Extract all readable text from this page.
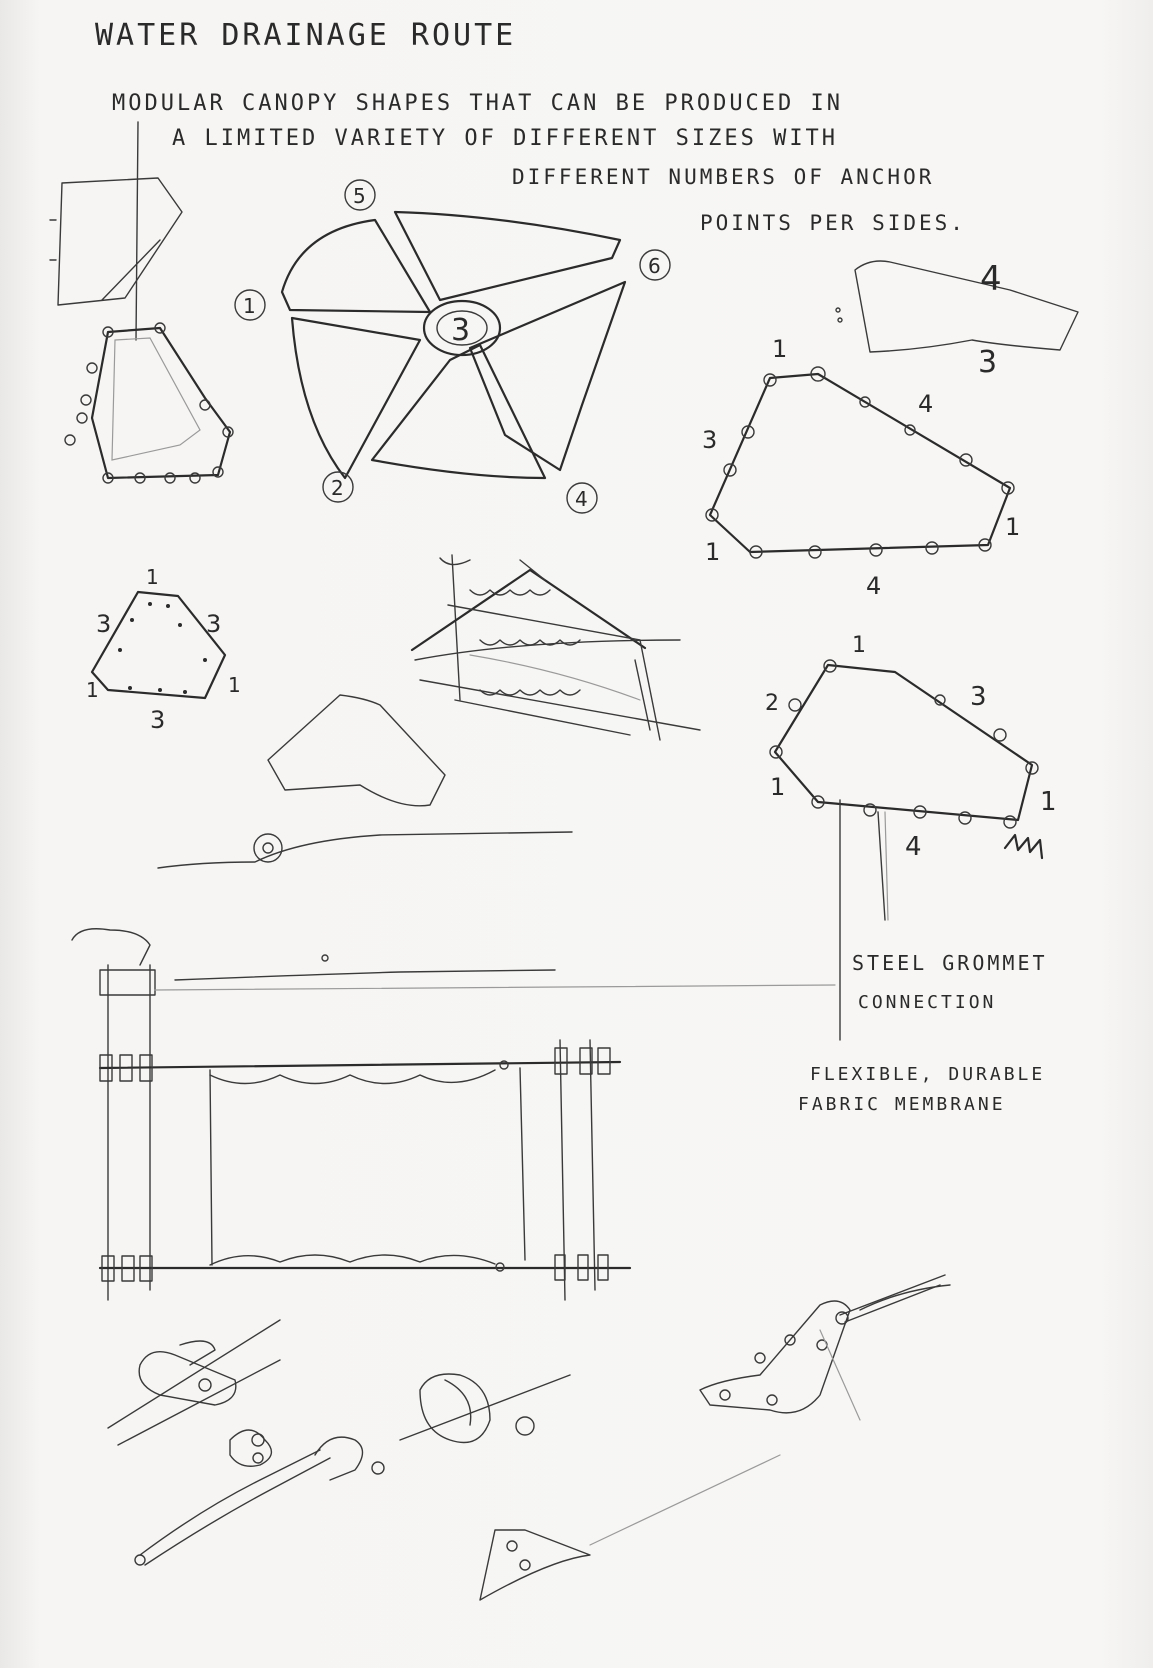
WATER DRAINAGE ROUTE
MODULAR CANOPY SHAPES THAT CAN BE PRODUCED IN
A LIMITED VARIETY OF DIFFERENT SIZES WITH
DIFFERENT NUMBERS OF ANCHOR
POINTS PER SIDES.
5
6
1
3
2	4
4
3
1
4
3
1
1
4
1
3	3
1
1
3
1
3
2
1
1
4
STEEL GROMMET
CONNECTION
FLEXIBLE, DURABLE
FABRIC MEMBRANE
